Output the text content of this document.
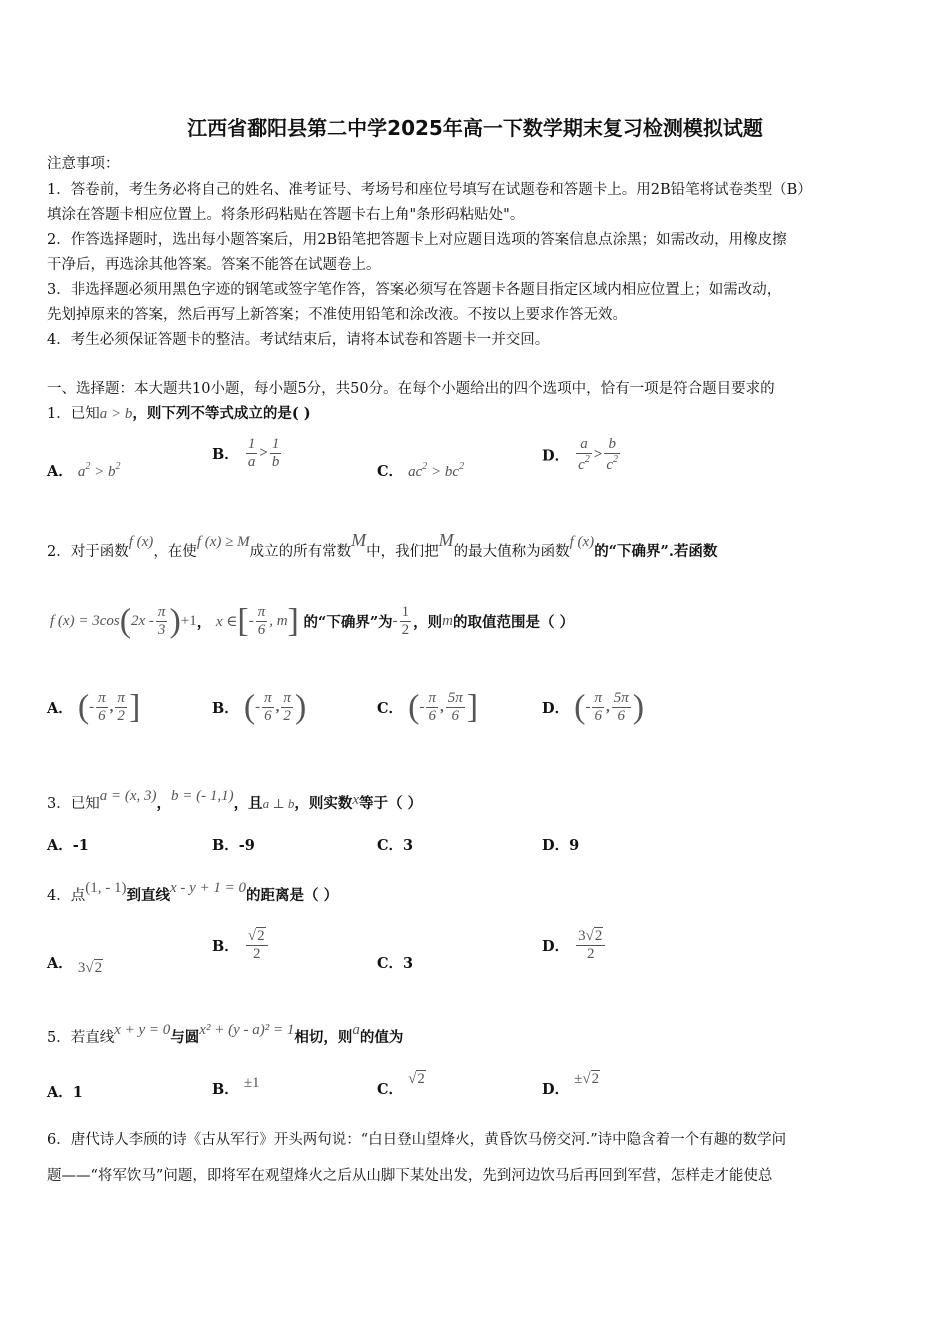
江西省鄱阳县第二中学2025年高一下数学期末复习检测模拟试题
注意事项：
1．答卷前，考生务必将自己的姓名、准考证号、考场号和座位号填写在试题卷和答题卡上。用2B铅笔将试卷类型（B）
填涂在答题卡相应位置上。将条形码粘贴在答题卡右上角"条形码粘贴处"。
2．作答选择题时，选出每小题答案后，用2B铅笔把答题卡上对应题目选项的答案信息点涂黑；如需改动，用橡皮擦
干净后，再选涂其他答案。答案不能答在试题卷上。
3．非选择题必须用黑色字迹的钢笔或签字笔作答，答案必须写在答题卡各题目指定区域内相应位置上；如需改动，
先划掉原来的答案，然后再写上新答案；不准使用铅笔和涂改液。不按以上要求作答无效。
4．考生必须保证答题卡的整洁。考试结束后，请将本试卷和答题卡一并交回。
一、选择题：本大题共10小题，每小题5分，共50分。在每个小题给出的四个选项中，恰有一项是符合题目要求的
1．已知a > b，则下列不等式成立的是( )
A． $a^2 > b^2$
B． $\frac{1}{a} > \frac{1}{b}$
C． $ac^2 > bc^2$
D． $\frac{a}{c^2} > \frac{b}{c^2}$
2．对于函数f (x)，在使f (x) ≥ M成立的所有常数M中，我们把M的最大值称为函数f (x)的“下确界”.若函数
f $(x) = 3\cos(2x - \frac{\pi}{3} )+1$， x ∈[- $\frac{\pi}{6}$ , m] 的“下确界”为- $\frac{1}{2}$ ，则m的取值范围是（ ）
A． (- $\frac{\pi}{6}$ , $\frac{\pi}{2}$ ]	B． (- $\frac{\pi}{6}$ , $\frac{\pi}{2}$ )	C． (- $\frac{\pi}{6}$ , $\frac{5\pi}{6}$ ]	D． (- $\frac{\pi}{6}$ , $\frac{5\pi}{6}$ )
3．已知a = (x, 3)，b = (- 1,1)，且a ⊥ b，则实数x等于（ ）
A．-1	B．-9	C．3	D．9
4．点(1, - 1)到直线x - y + 1 = 0的距离是（ ）
A． 3√2
B． $\frac{√2}{2}$
C．3
D． $\frac{3√2}{2}$
5．若直线x + y = 0与圆x² + (y - a)² = 1相切，则a的值为
A．1	B． ±1	C． √2
D． ±√2
6．唐代诗人李颀的诗《古从军行》开头两句说：“白日登山望烽火，黄昏饮马傍交河.”诗中隐含着一个有趣的数学问
题——“将军饮马”问题，即将军在观望烽火之后从山脚下某处出发，先到河边饮马后再回到军营，怎样走才能使总
